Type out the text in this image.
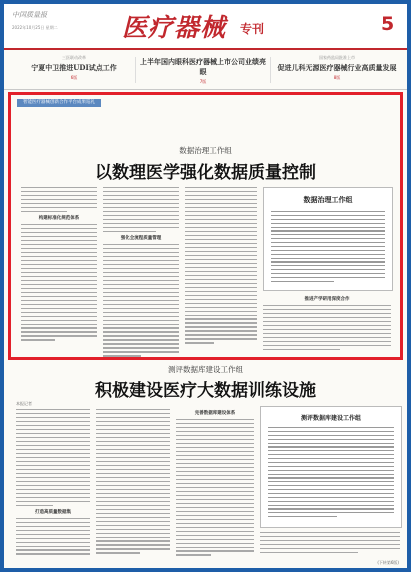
中国质量报
2022年10月25日 星期二	医疗器械 专刊	5
三医联动改革
宁夏中卫推进UDI试点工作
6版
上半年国内眼科医疗器械上市公司业绩亮眼
7版
国家药监局批准上市
促进儿科无源医疗器械行业高质量发展
8版
智能医疗器械创新合作平台成果巡礼
数据治理工作组
以数理医学强化数据质量控制
构建标准化规范体系
强化全流程质量管理
数据治理工作组
推进产学研用深度合作
测评数据库建设工作组
积极建设医疗大数据训练设施
本报记者
打造高质量数据集
完善数据库建设体系
测评数据库建设工作组
(下转第6版)
